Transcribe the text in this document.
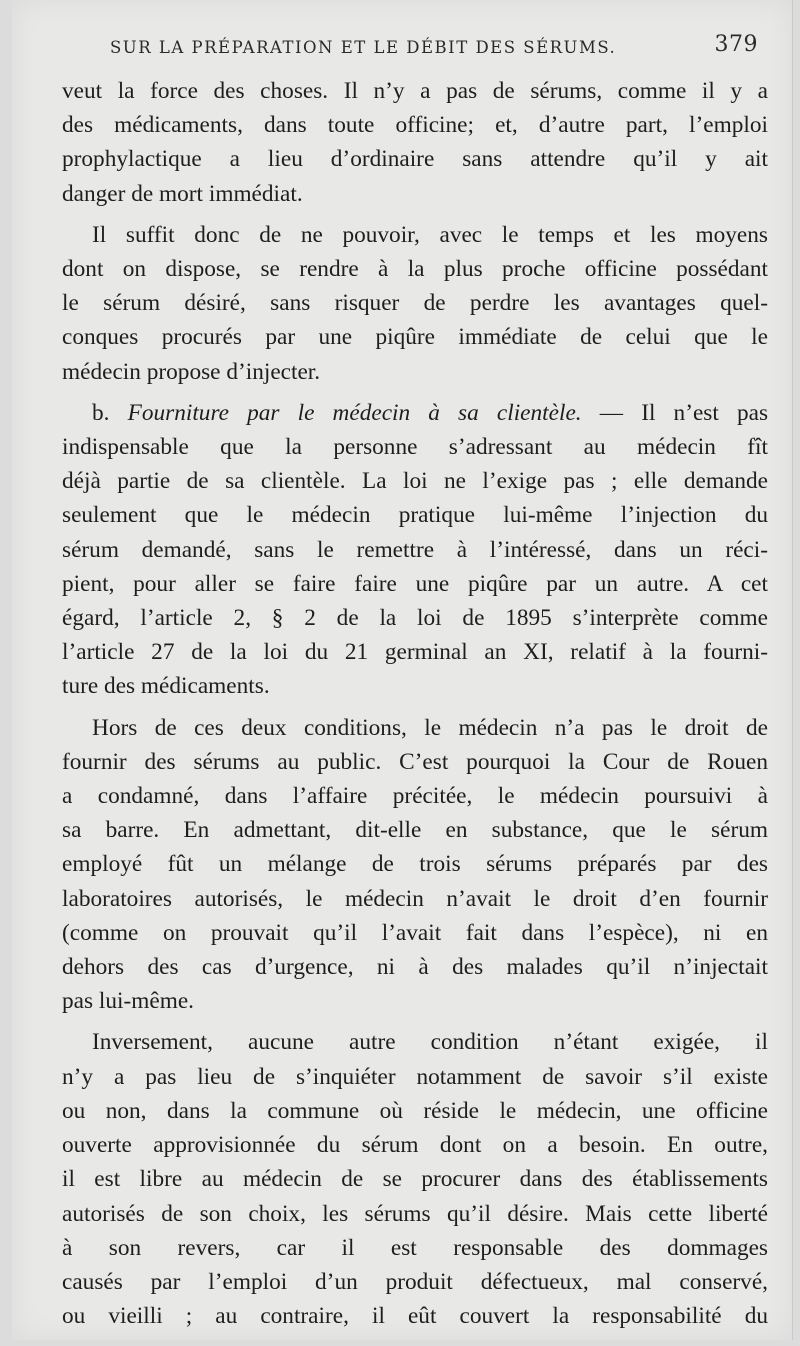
SUR LA PRÉPARATION ET LE DÉBIT DES SÉRUMS.	379

veut la force des choses. Il n’y a pas de sérums, comme il y a
des médicaments, dans toute officine; et, d’autre part, l’emploi
prophylactique a lieu d’ordinaire sans attendre qu’il y ait
danger de mort immédiat.

Il suffit donc de ne pouvoir, avec le temps et les moyens
dont on dispose, se rendre à la plus proche officine possédant
le sérum désiré, sans risquer de perdre les avantages quel-
conques procurés par une piqûre immédiate de celui que le
médecin propose d’injecter.

b. Fourniture par le médecin à sa clientèle. — Il n’est pas
indispensable que la personne s’adressant au médecin fît
déjà partie de sa clientèle. La loi ne l’exige pas ; elle demande
seulement que le médecin pratique lui-même l’injection du
sérum demandé, sans le remettre à l’intéressé, dans un réci-
pient, pour aller se faire faire une piqûre par un autre. A cet
égard, l’article 2, § 2 de la loi de 1895 s’interprète comme
l’article 27 de la loi du 21 germinal an XI, relatif à la fourni-
ture des médicaments.

Hors de ces deux conditions, le médecin n’a pas le droit de
fournir des sérums au public. C’est pourquoi la Cour de Rouen
a condamné, dans l’affaire précitée, le médecin poursuivi à
sa barre. En admettant, dit-elle en substance, que le sérum
employé fût un mélange de trois sérums préparés par des
laboratoires autorisés, le médecin n’avait le droit d’en fournir
(comme on prouvait qu’il l’avait fait dans l’espèce), ni en
dehors des cas d’urgence, ni à des malades qu’il n’injectait
pas lui-même.

Inversement, aucune autre condition n’étant exigée, il
n’y a pas lieu de s’inquiéter notamment de savoir s’il existe
ou non, dans la commune où réside le médecin, une officine
ouverte approvisionnée du sérum dont on a besoin. En outre,
il est libre au médecin de se procurer dans des établissements
autorisés de son choix, les sérums qu’il désire. Mais cette liberté
à son revers, car il est responsable des dommages
causés par l’emploi d’un produit défectueux, mal conservé,
ou vieilli ; au contraire, il eût couvert la responsabilité du
